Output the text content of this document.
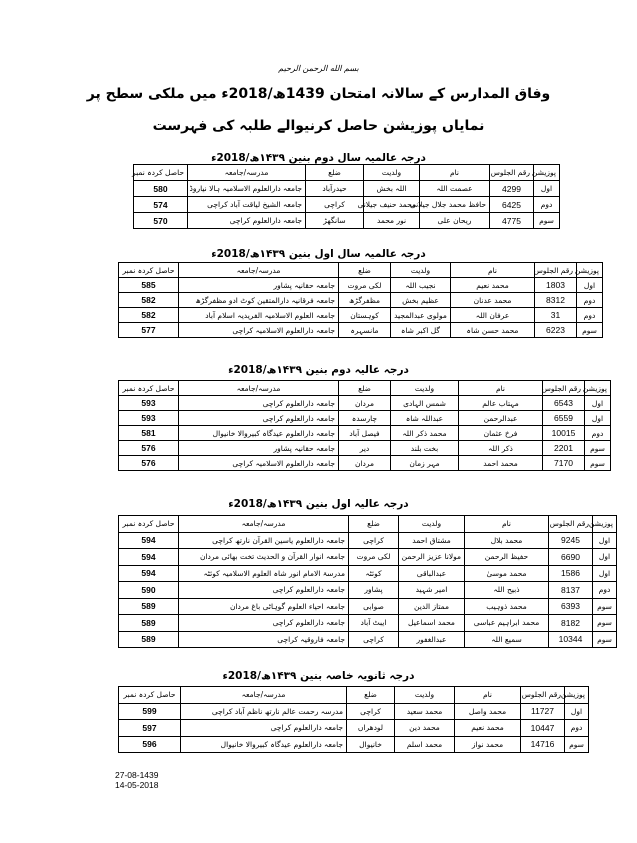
بسم الله الرحمن الرحیم
وفاق المدارس کے سالانہ امتحان 1439ھ/2018ء میں ملکی سطح پر
نمایاں پوزیشن حاصل کرنیوالے طلبہ کی فہرست
درجہ عالمیہ سال دوم بنین ۱۴۳۹ھ/2018ء
پوزیشن	رقم الجلوس	نام	ولدیت	ضلع	مدرسہ/جامعہ	حاصل کردہ نمبر
اول	4299	عصمت اللہ	اللہ بخش	حیدرآباد	جامعہ دارالعلوم الاسلامیہ ہالا نیاروڈ	580
دوم	6425	حافظ محمد جلال جیلانی	محمد حنیف جیلانی	کراچی	جامعہ الشیخ لیاقت آباد کراچی	574
سوم	4775	ریحان علی	نور محمد	سانگھڑ	جامعہ دارالعلوم کراچی	570
درجہ عالمیہ سال اول بنین ۱۴۳۹ھ/2018ء
پوزیشن	رقم الجلوس	نام	ولدیت	ضلع	مدرسہ/جامعہ	حاصل کردہ نمبر
اول	1803	محمد نعیم	نجیب اللہ	لکی مروت	جامعہ حقانیہ پشاور	585
دوم	8312	محمد عدنان	عظیم بخش	مظفرگڑھ	جامعہ فرقانیہ دارالمتقین کوٹ ادو مظفرگڑھ	582
دوم	31	عرفان اللہ	مولوی عبدالمجید	کوہستان	جامعہ العلوم الاسلامیہ الفریدیہ اسلام آباد	582
سوم	6223	محمد حسن شاہ	گل اکبر شاہ	مانسہرہ	جامعہ دارالعلوم الاسلامیہ کراچی	577
درجہ عالیہ دوم بنین ۱۴۳۹ھ/2018ء
پوزیشن	رقم الجلوس	نام	ولدیت	ضلع	مدرسہ/جامعہ	حاصل کردہ نمبر
اول	6543	مہتاب عالم	شمس الہادی	مردان	جامعہ دارالعلوم کراچی	593
اول	6559	عبدالرحمن	عبداللہ شاہ	چارسدہ	جامعہ دارالعلوم کراچی	593
دوم	10015	فرخ عثمان	محمد ذکر اللہ	فیصل آباد	جامعہ دارالعلوم عیدگاہ کبیروالا خانیوال	581
سوم	2201	ذکر اللہ	بخت بلند	دیر	جامعہ حقانیہ پشاور	576
سوم	7170	محمد احمد	مہر زمان	مردان	جامعہ دارالعلوم الاسلامیہ کراچی	576
درجہ عالیہ اول بنین ۱۴۳۹ھ/2018ء
پوزیشن	رقم الجلوس	نام	ولدیت	ضلع	مدرسہ/جامعہ	حاصل کردہ نمبر
اول	9245	محمد بلال	مشتاق احمد	کراچی	جامعہ دارالعلوم یاسین القرآن نارتھ کراچی	594
اول	6690	حفیظ الرحمن	مولانا عزیز الرحمن	لکی مروت	جامعہ انوار القرآن و الحدیث تخت بھائی مردان	594
اول	1586	محمد موسیٰ	عبدالباقی	کوئٹہ	مدرسۃ الامام انور شاہ العلوم الاسلامیہ کوئٹہ	594
دوم	8137	ذبیح اللہ	امیر شہید	پشاور	جامعہ دارالعلوم کراچی	590
سوم	6393	محمد ذوہیب	ممتاز الدین	صوابی	جامعہ احیاء العلوم گوہاٹی باغ مردان	589
سوم	8182	محمد ابراہیم عباسی	محمد اسماعیل	ایبٹ آباد	جامعہ دارالعلوم کراچی	589
سوم	10344	سمیع اللہ	عبدالغفور	کراچی	جامعہ فاروقیہ کراچی	589
درجہ ثانویہ خاصہ بنین ۱۴۳۹ھ/2018ء
پوزیشن	رقم الجلوس	نام	ولدیت	ضلع	مدرسہ/جامعہ	حاصل کردہ نمبر
اول	11727	محمد واصل	محمد سعید	کراچی	مدرسہ رحمت عالم نارتھ ناظم آباد کراچی	599
دوم	10447	محمد نعیم	محمد دین	لودھراں	جامعہ دارالعلوم کراچی	597
سوم	14716	محمد نواز	محمد اسلم	خانیوال	جامعہ دارالعلوم عیدگاہ کبیروالا خانیوال	596
27-08-1439
14-05-2018
